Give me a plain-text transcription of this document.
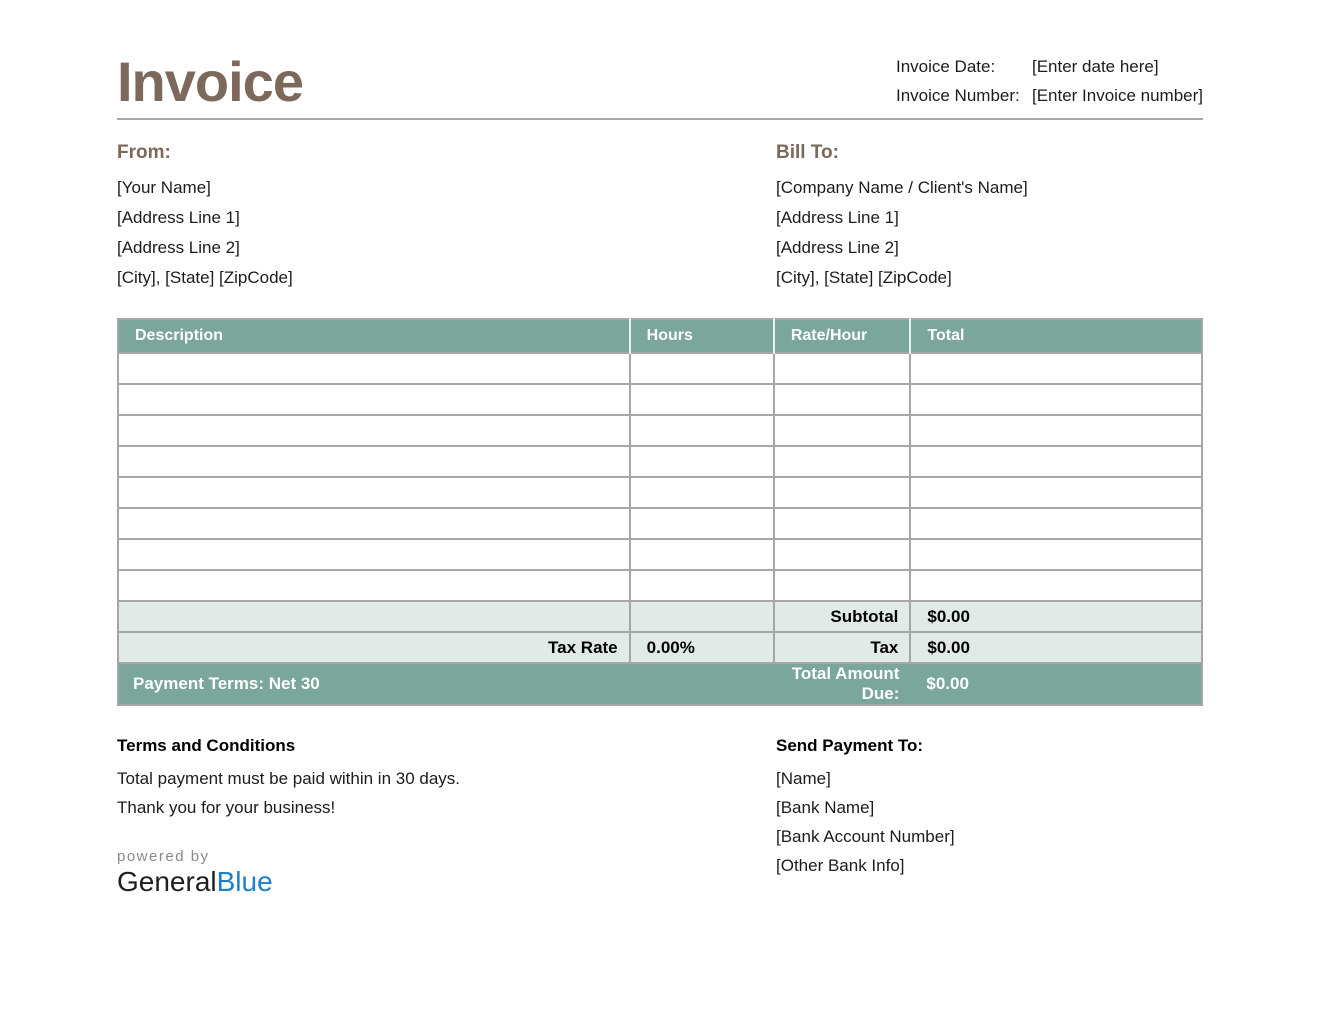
Invoice	Invoice Date:	[Enter date here]
Invoice Number: [Enter Invoice number]
From:
[Your Name]
[Address Line 1]
[Address Line 2]
[City], [State] [ZipCode]
Bill To:
[Company Name / Client's Name]
[Address Line 1]
[Address Line 2]
[City], [State] [ZipCode]
Description	Hours	Rate/Hour	Total

		Subtotal	$0.00
Tax Rate	0.00%	Tax	$0.00
Payment Terms: Net 30		Total Amount Due:	$0.00
Terms and Conditions
Total payment must be paid within in 30 days.
Thank you for your business!
powered by
GeneralBlue
Send Payment To:
[Name]
[Bank Name]
[Bank Account Number]
[Other Bank Info]
